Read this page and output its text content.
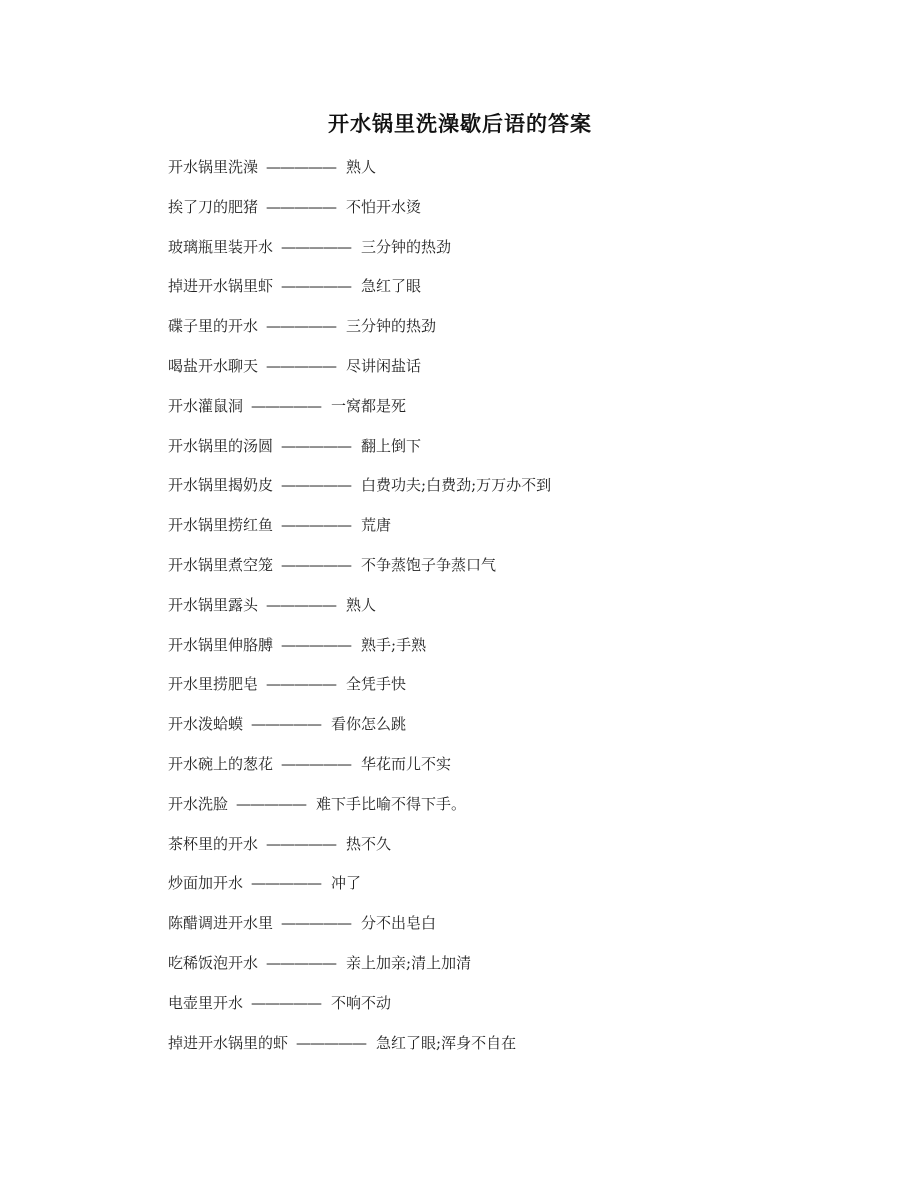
开水锅里洗澡歇后语的答案
开水锅里洗澡 ————— 熟人
挨了刀的肥猪 ————— 不怕开水烫
玻璃瓶里装开水 ————— 三分钟的热劲
掉进开水锅里虾 ————— 急红了眼
碟子里的开水 ————— 三分钟的热劲
喝盐开水聊天 ————— 尽讲闲盐话
开水灌鼠洞 ————— 一窝都是死
开水锅里的汤圆 ————— 翻上倒下
开水锅里揭奶皮 ————— 白费功夫;白费劲;万万办不到
开水锅里捞红鱼 ————— 荒唐
开水锅里煮空笼 ————— 不争蒸饱子争蒸口气
开水锅里露头 ————— 熟人
开水锅里伸胳膊 ————— 熟手;手熟
开水里捞肥皂 ————— 全凭手快
开水泼蛤蟆 ————— 看你怎么跳
开水碗上的葱花 ————— 华花而儿不实
开水洗脸 ————— 难下手比喻不得下手。
茶杯里的开水 ————— 热不久
炒面加开水 ————— 冲了
陈醋调进开水里 ————— 分不出皂白
吃稀饭泡开水 ————— 亲上加亲;清上加清
电壶里开水 ————— 不响不动
掉进开水锅里的虾 ————— 急红了眼;浑身不自在
